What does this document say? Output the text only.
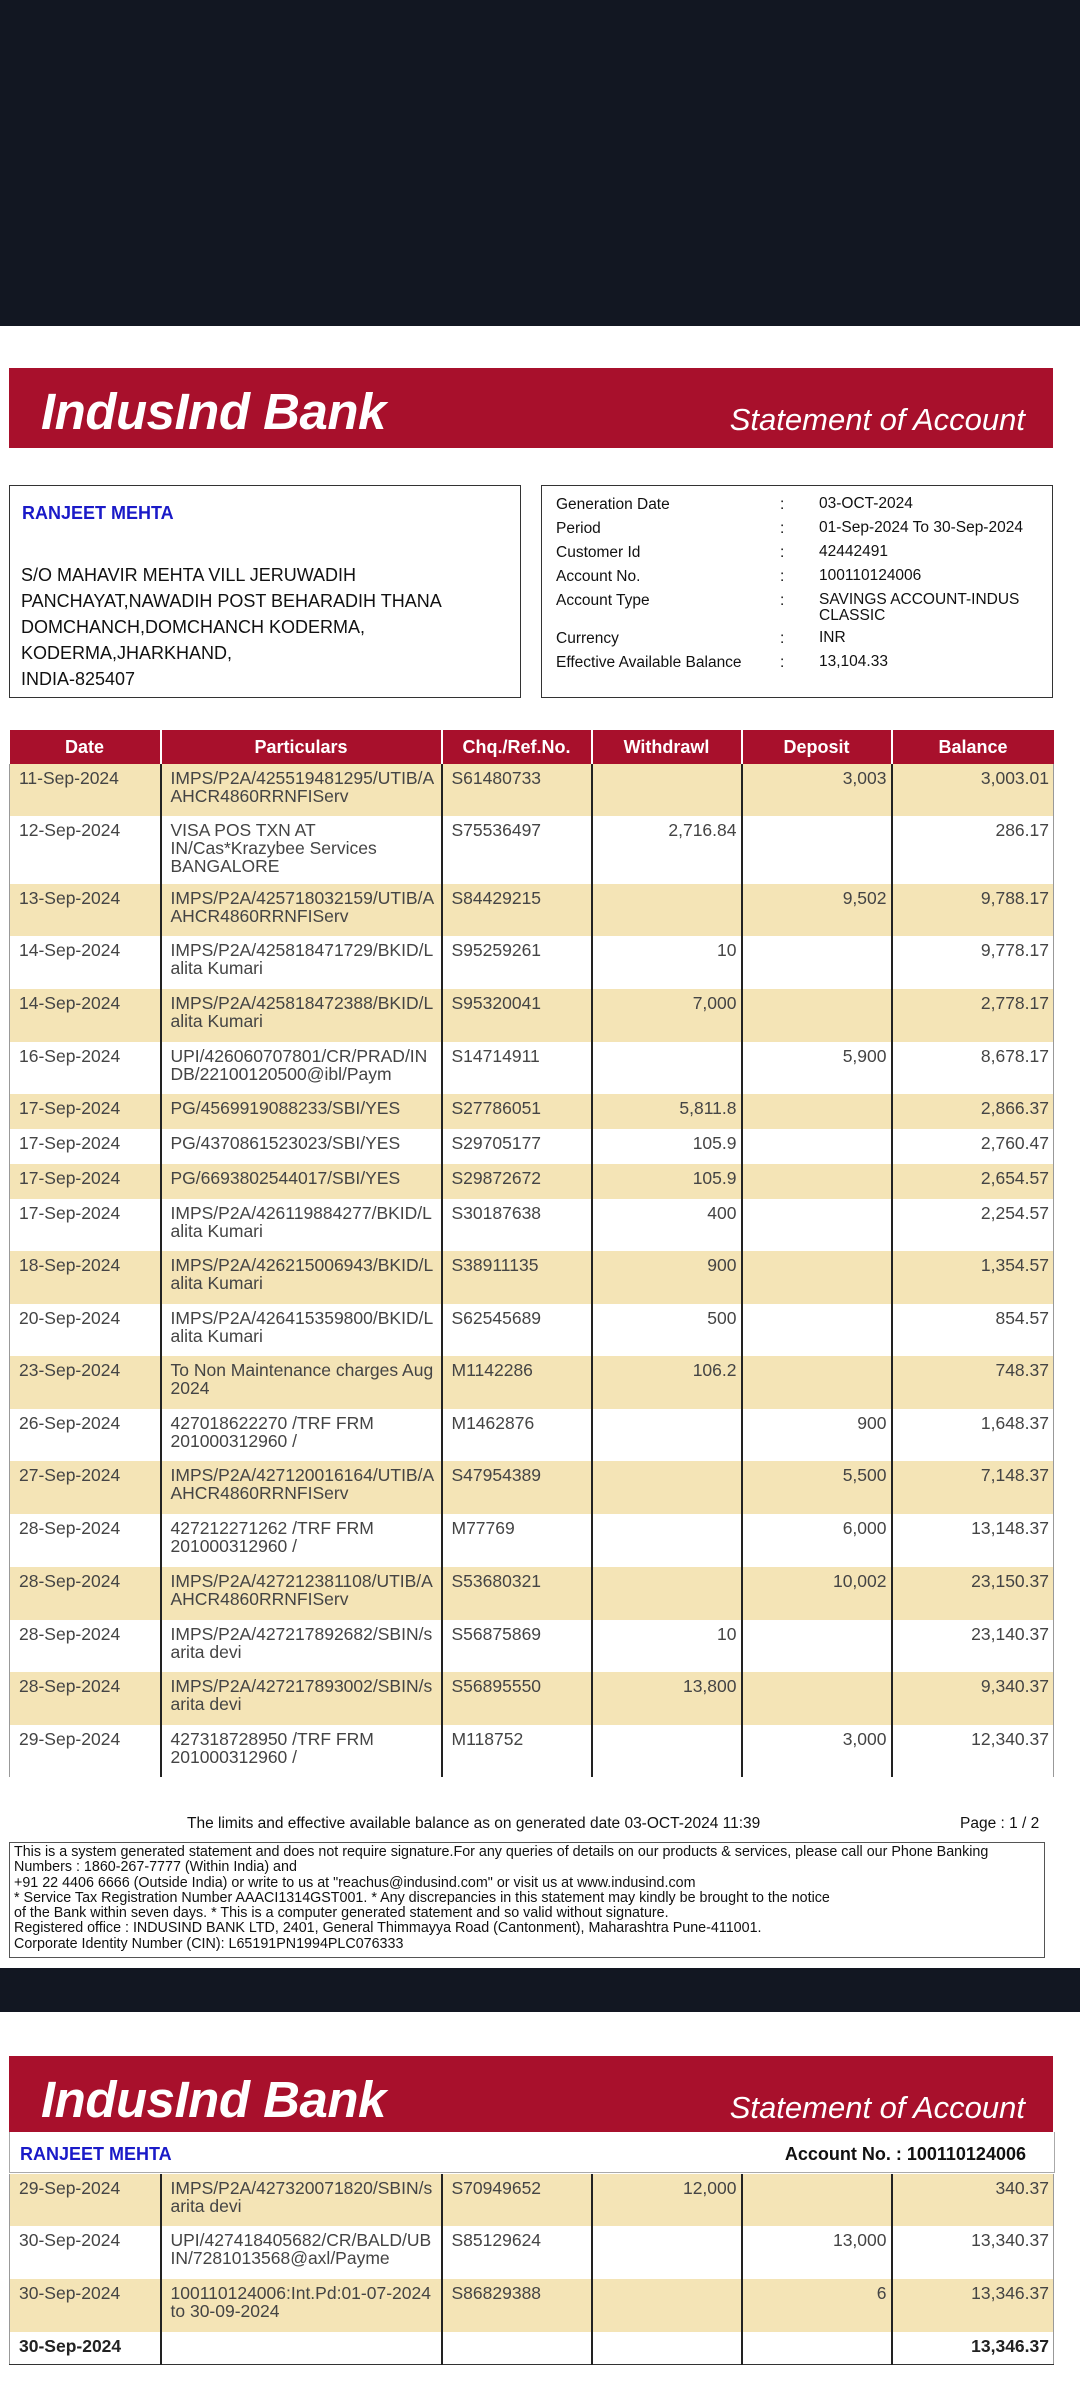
IndusInd Bank	Statement of Account
RANJEET MEHTA
S/O MAHAVIR MEHTA VILL JERUWADIH
PANCHAYAT,NAWADIH POST BEHARADIH THANA
DOMCHANCH,DOMCHANCH KODERMA,
KODERMA,JHARKHAND,
INDIA-825407
Generation Date	: 03-OCT-2024
Period	: 01-Sep-2024 To 30-Sep-2024
Customer Id	: 42442491
Account No.	: 100110124006
Account Type	: SAVINGS ACCOUNT-INDUS CLASSIC
Currency	: INR
Effective Available Balance	: 13,104.33
Date	Particulars	Chq./Ref.No.	Withdrawl	Deposit	Balance
11-Sep-2024	IMPS/P2A/425519481295/UTIB/A AHCR4860RRNFIServ	S61480733		3,003	3,003.01
12-Sep-2024	VISA POS TXN AT IN/Cas*Krazybee Services BANGALORE	S75536497	2,716.84		286.17
13-Sep-2024	IMPS/P2A/425718032159/UTIB/A AHCR4860RRNFIServ	S84429215		9,502	9,788.17
14-Sep-2024	IMPS/P2A/425818471729/BKID/L alita Kumari	S95259261	10		9,778.17
14-Sep-2024	IMPS/P2A/425818472388/BKID/L alita Kumari	S95320041	7,000		2,778.17
16-Sep-2024	UPI/426060707801/CR/PRAD/IN DB/22100120500@ibl/Paym	S14714911		5,900	8,678.17
17-Sep-2024	PG/4569919088233/SBI/YES	S27786051	5,811.8		2,866.37
17-Sep-2024	PG/4370861523023/SBI/YES	S29705177	105.9		2,760.47
17-Sep-2024	PG/6693802544017/SBI/YES	S29872672	105.9		2,654.57
17-Sep-2024	IMPS/P2A/426119884277/BKID/L alita Kumari	S30187638	400		2,254.57
18-Sep-2024	IMPS/P2A/426215006943/BKID/L alita Kumari	S38911135	900		1,354.57
20-Sep-2024	IMPS/P2A/426415359800/BKID/L alita Kumari	S62545689	500		854.57
23-Sep-2024	To Non Maintenance charges Aug 2024	M1142286	106.2		748.37
26-Sep-2024	427018622270 /TRF FRM 201000312960 /	M1462876		900	1,648.37
27-Sep-2024	IMPS/P2A/427120016164/UTIB/A AHCR4860RRNFIServ	S47954389		5,500	7,148.37
28-Sep-2024	427212271262 /TRF FRM 201000312960 /	M77769		6,000	13,148.37
28-Sep-2024	IMPS/P2A/427212381108/UTIB/A AHCR4860RRNFIServ	S53680321		10,002	23,150.37
28-Sep-2024	IMPS/P2A/427217892682/SBIN/s arita devi	S56875869	10		23,140.37
28-Sep-2024	IMPS/P2A/427217893002/SBIN/s arita devi	S56895550	13,800		9,340.37
29-Sep-2024	427318728950 /TRF FRM 201000312960 /	M118752		3,000	12,340.37
The limits and effective available balance as on generated date 03-OCT-2024 11:39	Page : 1 / 2
This is a system generated statement and does not require signature.For any queries of details on our products & services, please call our Phone Banking Numbers : 1860-267-7777 (Within India) and
+91 22 4406 6666 (Outside India) or write to us at "reachus@indusind.com" or visit us at www.indusind.com
* Service Tax Registration Number AAACI1314GST001. * Any discrepancies in this statement may kindly be brought to the notice
of the Bank within seven days. * This is a computer generated statement and so valid without signature.
Registered office : INDUSIND BANK LTD, 2401, General Thimmayya Road (Cantonment), Maharashtra Pune-411001.
Corporate Identity Number (CIN): L65191PN1994PLC076333
IndusInd Bank	Statement of Account
RANJEET MEHTA	Account No. : 100110124006
29-Sep-2024	IMPS/P2A/427320071820/SBIN/s arita devi	S70949652	12,000		340.37
30-Sep-2024	UPI/427418405682/CR/BALD/UB IN/7281013568@axl/Payme	S85129624		13,000	13,340.37
30-Sep-2024	100110124006:Int.Pd:01-07-2024 to 30-09-2024	S86829388		6	13,346.37
30-Sep-2024					13,346.37
